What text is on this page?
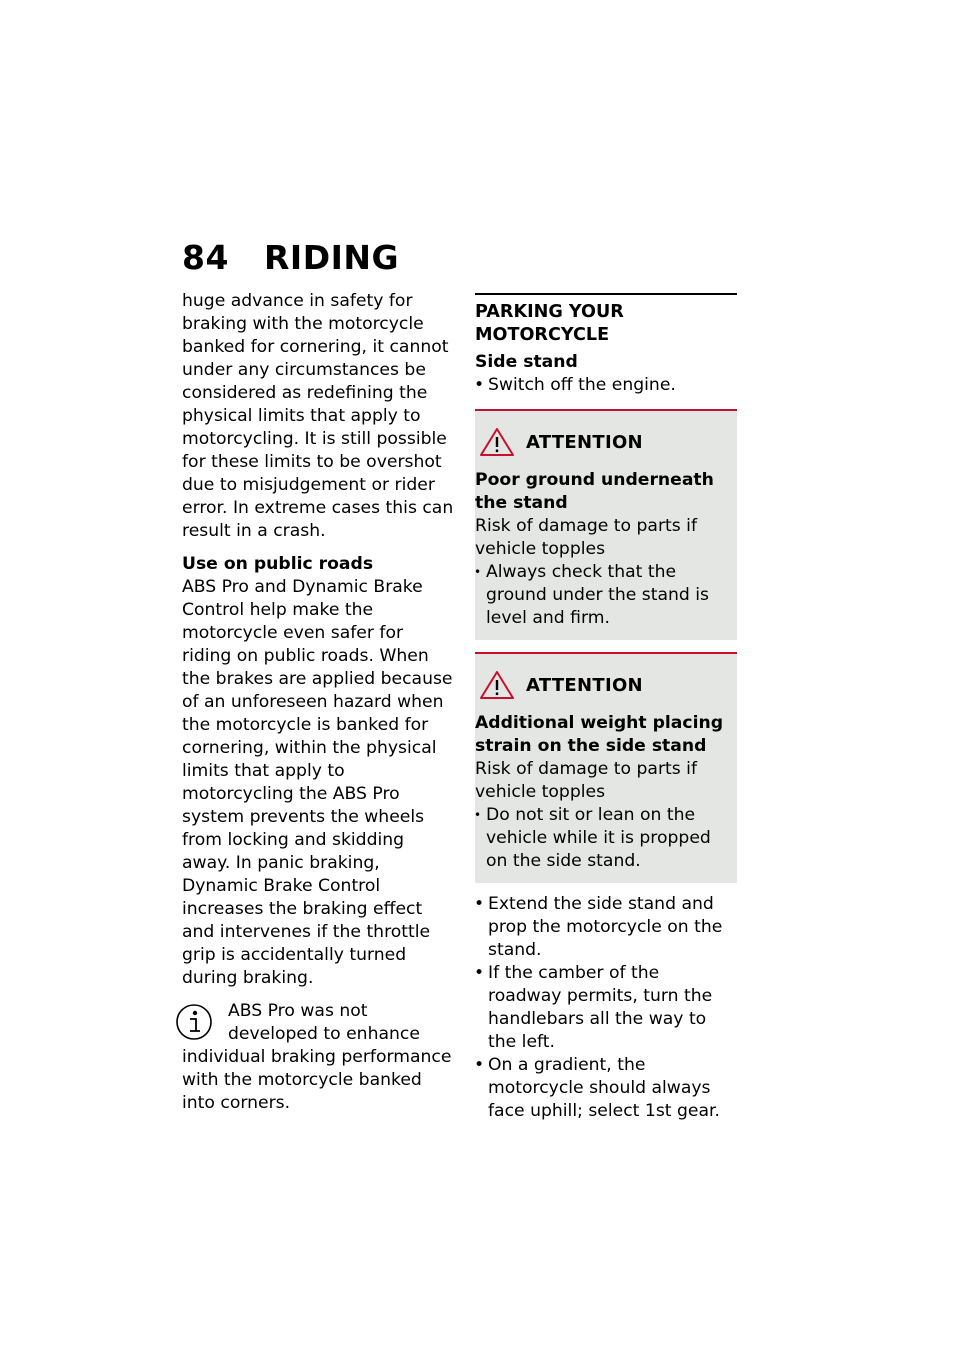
84 RIDING

huge advance in safety for braking with the motorcycle banked for cornering, it cannot under any circumstances be considered as redefining the physical limits that apply to motorcycling. It is still possible for these limits to be overshot due to misjudgement or rider error. In extreme cases this can result in a crash.

Use on public roads

ABS Pro and Dynamic Brake Control help make the motorcycle even safer for riding on public roads. When the brakes are applied because of an unforeseen hazard when the motorcycle is banked for cornering, within the physical limits that apply to motorcycling the ABS Pro system prevents the wheels from locking and skidding away. In panic braking, Dynamic Brake Control increases the braking effect and intervenes if the throttle grip is accidentally turned during braking.

ABS Pro was not

developed to enhance

individual braking performance with the motorcycle banked into corners.

PARKING YOUR MOTORCYCLE

Side stand

• Switch off the engine.
ATTENTION

Poor ground underneath the stand

Risk of damage to parts if vehicle topples

• Always check that the ground under the stand is level and firm.
ATTENTION

Additional weight placing strain on the side stand

Risk of damage to parts if vehicle topples

• Do not sit or lean on the vehicle while it is propped on the side stand.
• Extend the side stand and prop the motorcycle on the stand.
• If the camber of the roadway permits, turn the handlebars all the way to the left.
• On a gradient, the motorcycle should always face uphill; select 1st gear.
